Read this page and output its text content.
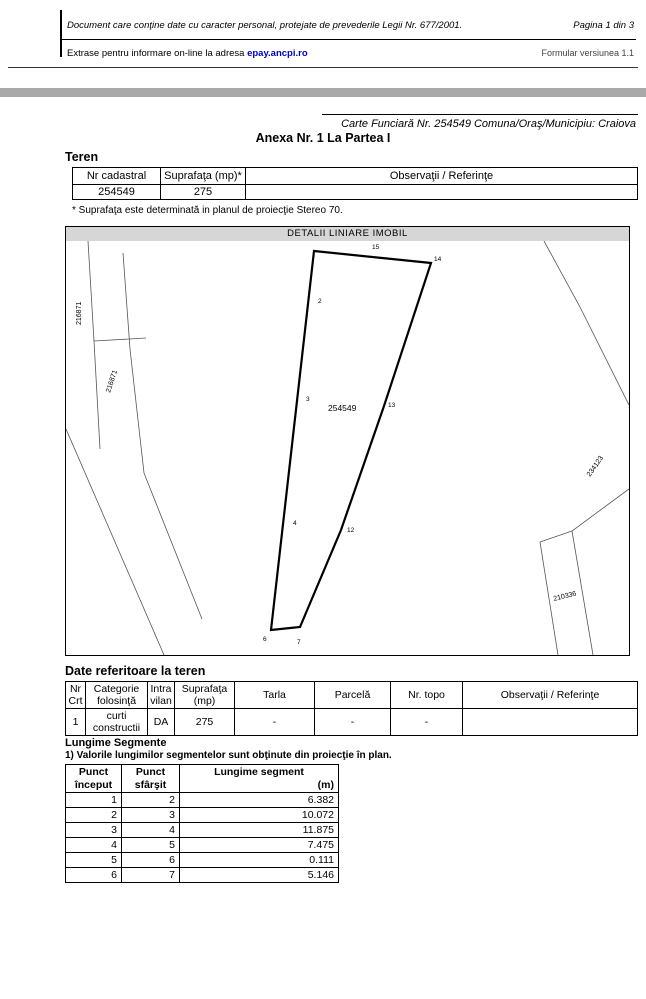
Document care conţine date cu caracter personal, protejate de prevederile Legii Nr. 677/2001.	Pagina 1 din 3
Extrase pentru informare on-line la adresa epay.ancpi.ro	Formular versiunea 1.1
Carte Funciară Nr. 254549 Comuna/Oraş/Municipiu: Craiova
Anexa Nr. 1 La Partea I
Teren
Nr cadastral	Suprafaţa (mp)*	Observaţii / Referinţe
254549	275	
* Suprafaţa este determinată in planul de proiecţie Stereo 70.
DETALII LINIARE IMOBIL
15
14
13
12
2
3
4
6	7
254549
216871
216871
234123
210336
Date referitoare la teren
Nr Crt	Categorie folosinţă	Intra vilan	Suprafaţa (mp)	Tarla	Parcelă	Nr. topo	Observaţii / Referinţe
1	curti constructii	DA	275	-	-	-	
Lungime Segmente
1) Valorile lungimilor segmentelor sunt obţinute din proiecţie în plan.
Punct început	Punct sfârşit	Lungime segment
(m)

1	2	6.382
2	3	10.072
3	4	11.875
4	5	7.475
5	6	0.111
6	7	5.146
